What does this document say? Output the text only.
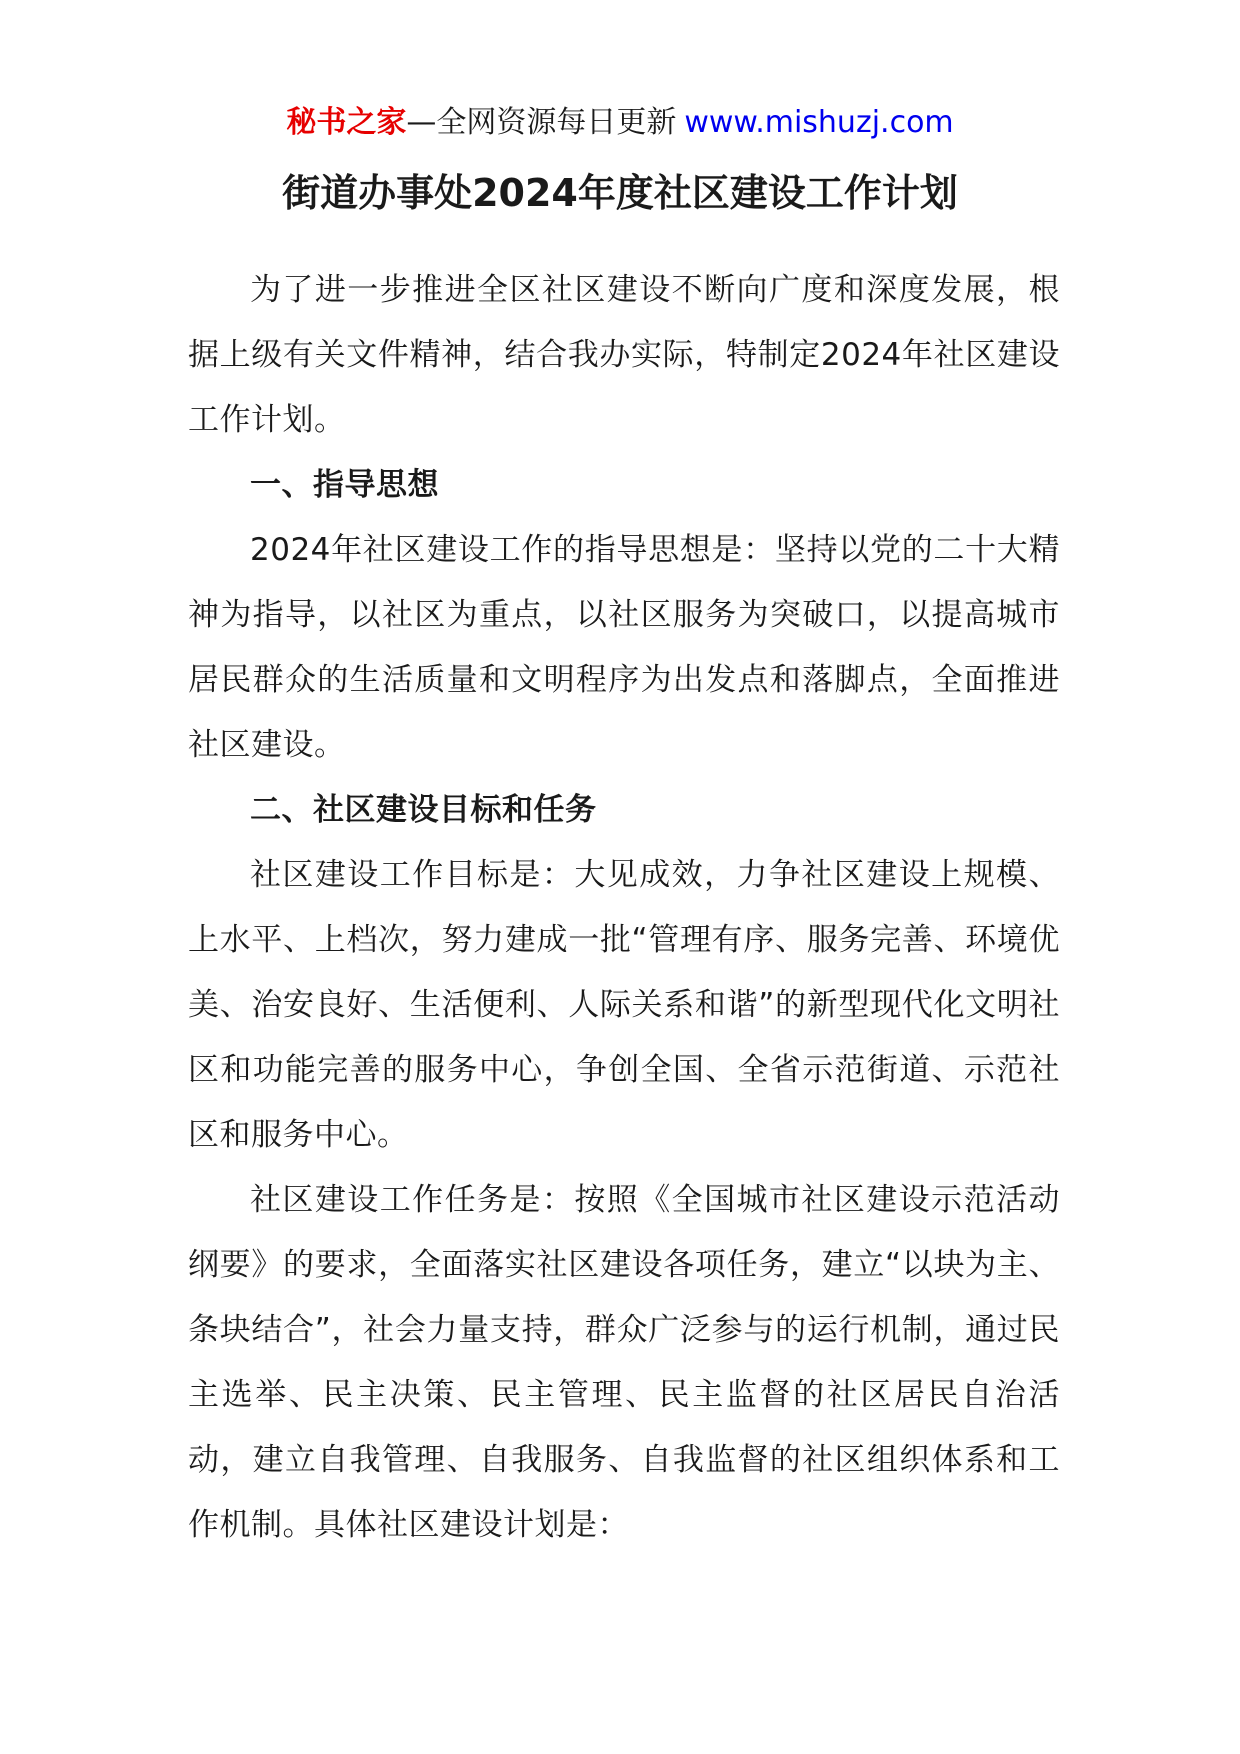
秘书之家—全网资源每日更新 www.mishuzj.com
街道办事处2024年度社区建设工作计划

为了进一步推进全区社区建设不断向广度和深度发展，根据上级有关文件精神，结合我办实际，特制定2024年社区建设工作计划。

一、指导思想

2024年社区建设工作的指导思想是：坚持以党的二十大精神为指导，以社区为重点，以社区服务为突破口，以提高城市居民群众的生活质量和文明程序为出发点和落脚点，全面推进社区建设。

二、社区建设目标和任务

社区建设工作目标是：大见成效，力争社区建设上规模、上水平、上档次，努力建成一批“管理有序、服务完善、环境优美、治安良好、生活便利、人际关系和谐”的新型现代化文明社区和功能完善的服务中心，争创全国、全省示范街道、示范社区和服务中心。

社区建设工作任务是：按照《全国城市社区建设示范活动纲要》的要求，全面落实社区建设各项任务，建立“以块为主、条块结合”，社会力量支持，群众广泛参与的运行机制，通过民主选举、民主决策、民主管理、民主监督的社区居民自治活动，建立自我管理、自我服务、自我监督的社区组织体系和工作机制。具体社区建设计划是：
